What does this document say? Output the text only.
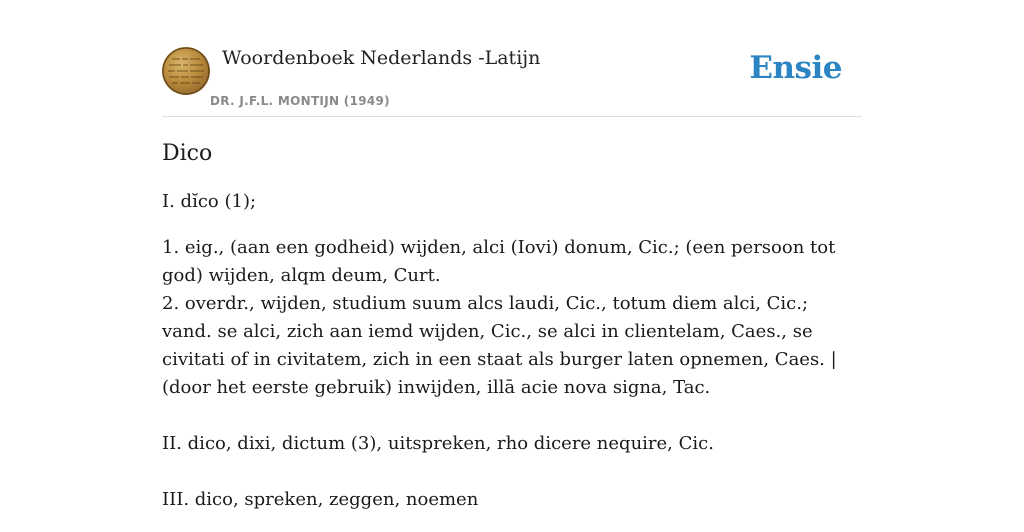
Woordenboek Nederlands -Latijn
DR. J.F.L. MONTIJN (1949)
Ensie
Dico

I. dĭco (1);

1. eig., (aan een godheid) wijden, alci (Iovi) donum, Cic.; (een persoon tot god) wijden, alqm deum, Curt.
2. overdr., wijden, studium suum alcs laudi, Cic., totum diem alci, Cic.; vand. se alci, zich aan iemd wijden, Cic., se alci in clientelam, Caes., se civitati of in civitatem, zich in een staat als burger laten opnemen, Caes. | (door het eerste gebruik) inwijden, illā acie nova signa, Tac.

II. dico, dixi, dictum (3), uitspreken, rho dicere nequire, Cic.

III. dico, spreken, zeggen, noemen
